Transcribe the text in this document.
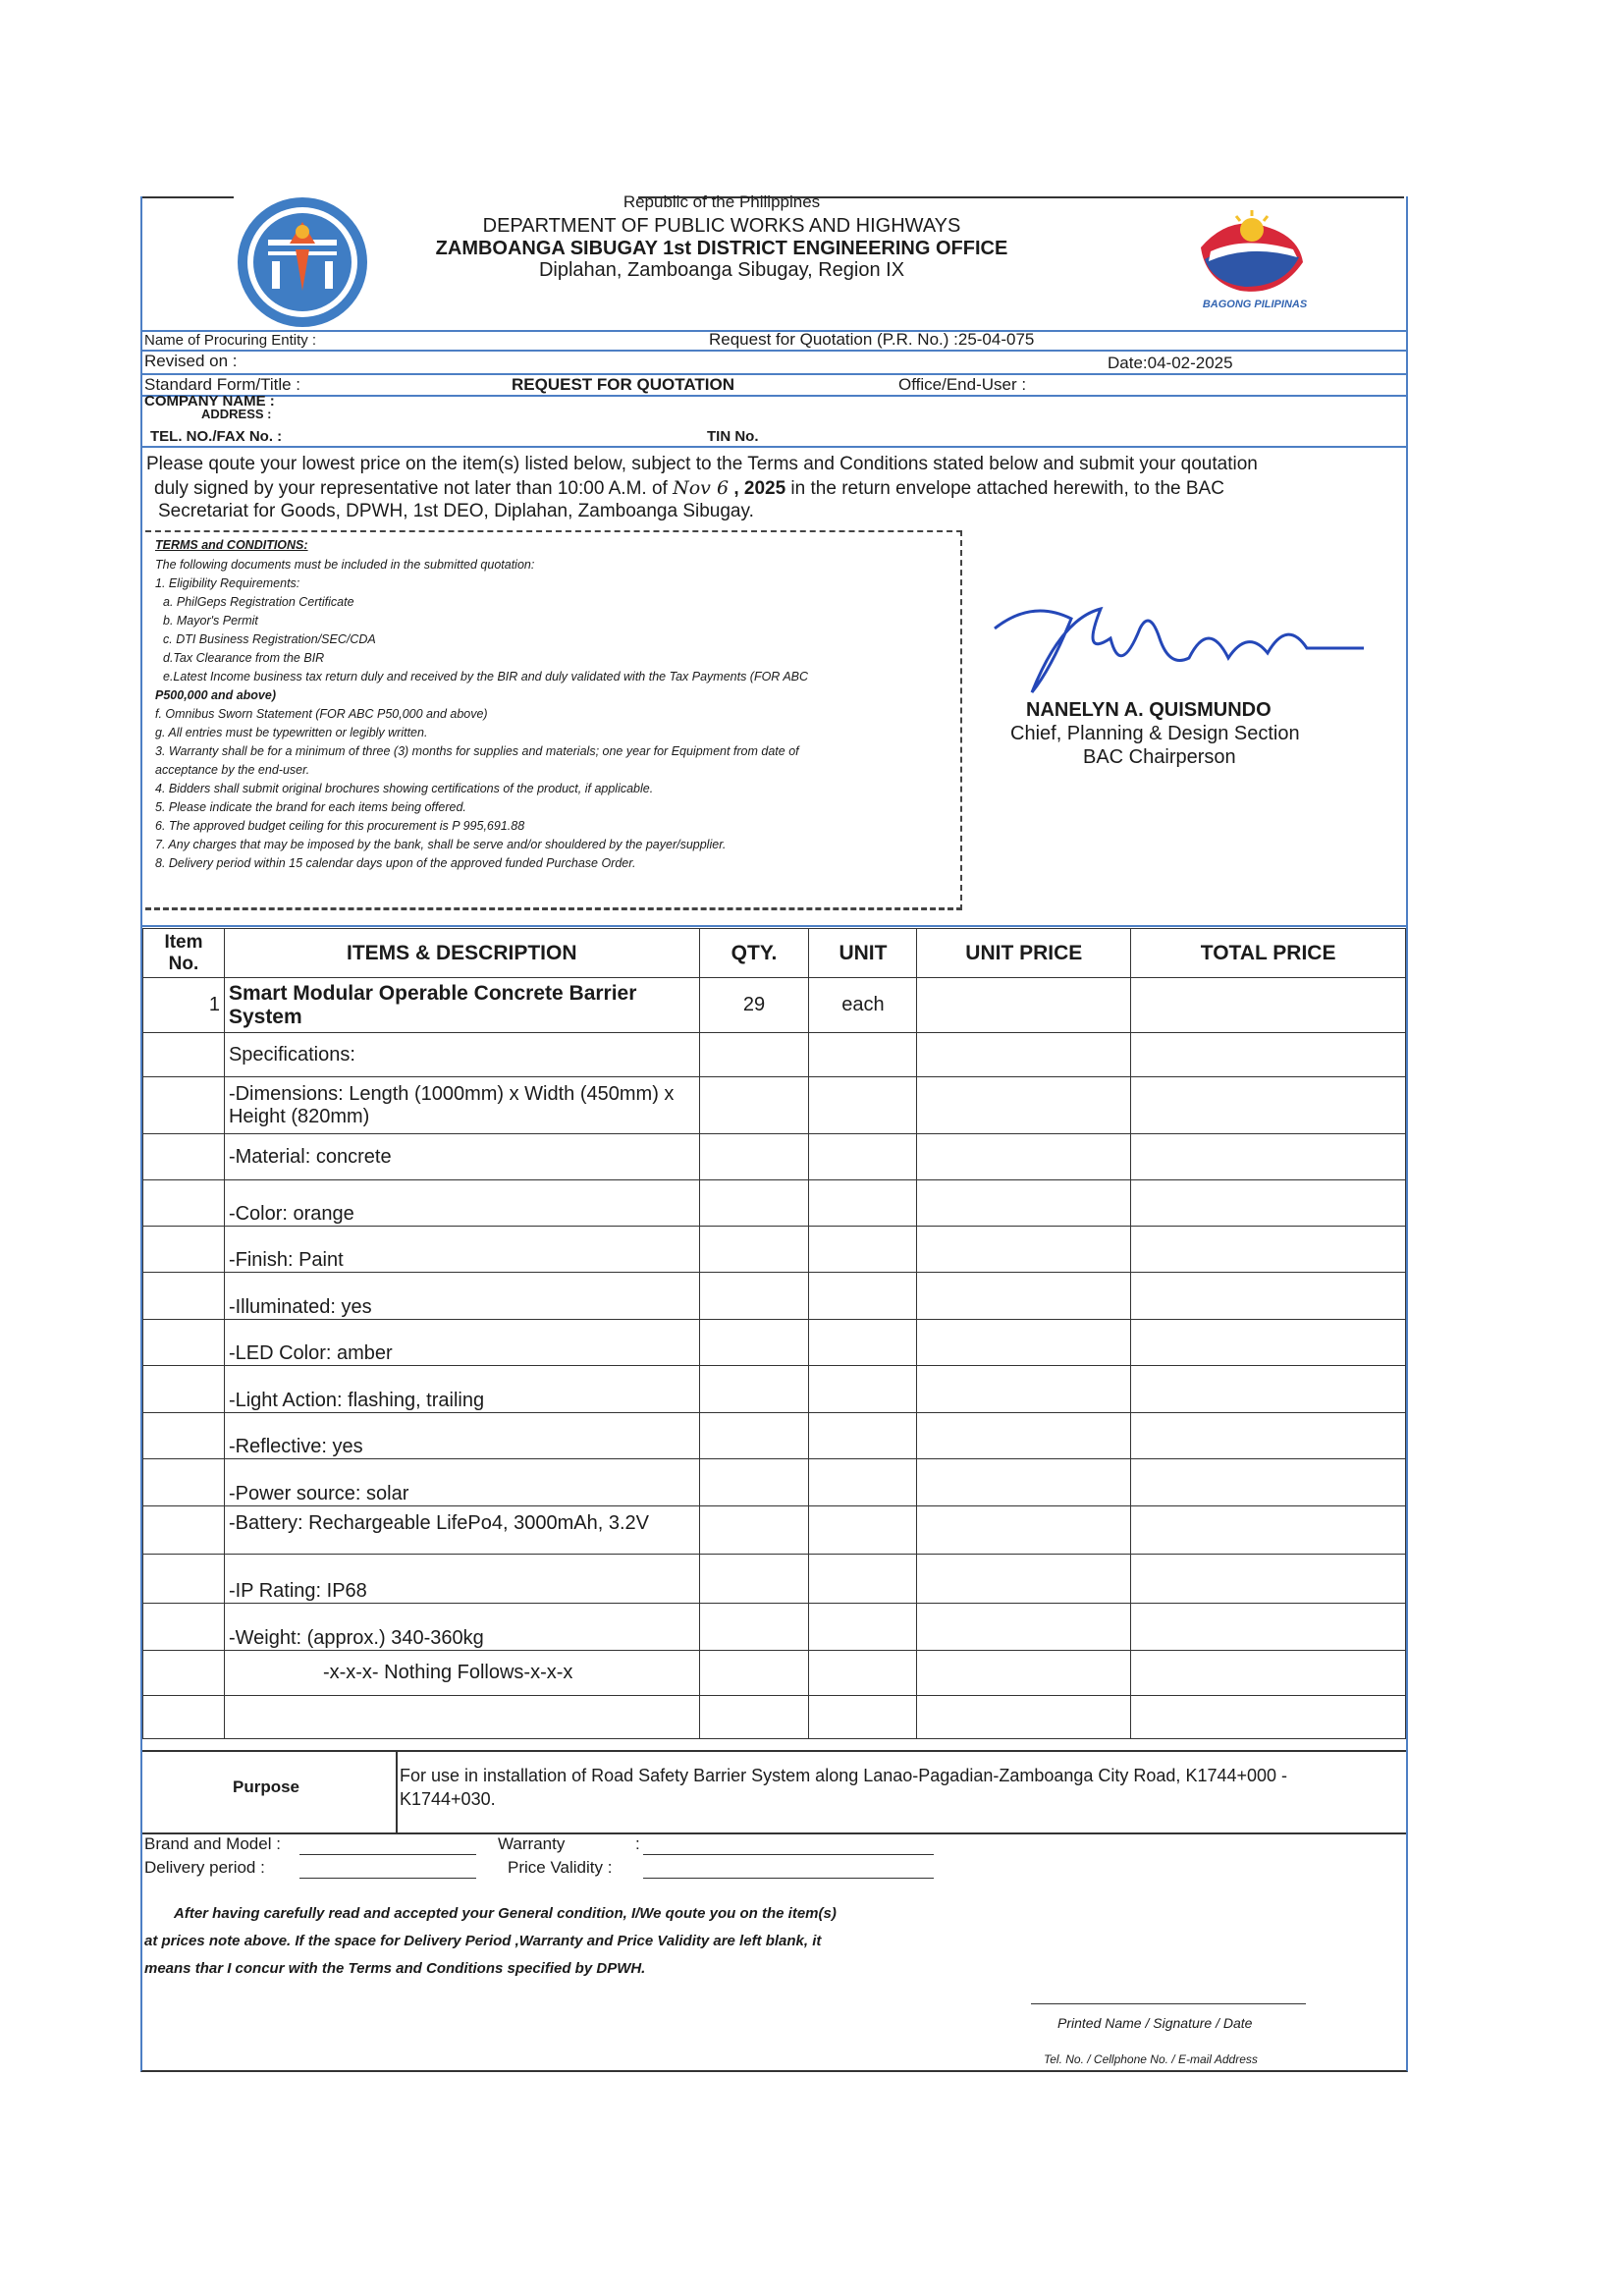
Republic of the Philippines
DEPARTMENT OF PUBLIC WORKS AND HIGHWAYS
ZAMBOANGA SIBUGAY 1st DISTRICT ENGINEERING OFFICE
Diplahan, Zamboanga Sibugay, Region IX
BAGONG PILIPINAS
Name of Procuring Entity :	Request for Quotation (P.R. No.) :25-04-075
Revised on :	Date:04-02-2025
Standard Form/Title :	REQUEST FOR QUOTATION	Office/End-User :
COMPANY NAME :
ADDRESS :
TEL. NO./FAX No. :	TIN No.
Please qoute your lowest price on the item(s) listed below, subject to the Terms and Conditions stated below and submit your qoutation
duly signed by your representative not later than 10:00 A.M. of Nov 6 , 2025 in the return envelope attached herewith, to the BAC
Secretariat for Goods, DPWH, 1st DEO, Diplahan, Zamboanga Sibugay.
NANELYN A. QUISMUNDO
Chief, Planning & Design Section
BAC Chairperson
Item No.	ITEMS & DESCRIPTION	QTY.	UNIT	UNIT PRICE	TOTAL PRICE
1	Smart Modular Operable Concrete Barrier System	29	each		
	Specifications:				
	-Dimensions: Length (1000mm) x Width (450mm) x Height (820mm)				
	-Material: concrete				
	-Color: orange				
	-Finish: Paint				
	-Illuminated: yes				
	-LED Color: amber				
	-Light Action: flashing, trailing				
	-Reflective: yes				
	-Power source: solar				
	-Battery: Rechargeable LifePo4, 3000mAh, 3.2V				
	-IP Rating: IP68				
	-Weight: (approx.) 340-360kg				
	-x-x-x- Nothing Follows-x-x-x				

Purpose
For use in installation of Road Safety Barrier System along Lanao-Pagadian-Zamboanga City Road, K1744+000 - K1744+030.
Brand and Model :	Warranty	:
Delivery period :	Price Validity :
After having carefully read and accepted your General condition, I/We qoute you on the item(s)
at prices note above. If the space for Delivery Period ,Warranty and Price Validity are left blank, it
means thar I concur with the Terms and Conditions specified by DPWH.
Printed Name / Signature / Date
Tel. No. / Cellphone No. / E-mail Address
TERMS and CONDITIONS:
The following documents must be included in the submitted quotation:
1. Eligibility Requirements:
a. PhilGeps Registration Certificate
b. Mayor's Permit
c. DTI Business Registration/SEC/CDA
d.Tax Clearance from the BIR
e.Latest Income business tax return duly and received by the BIR and duly validated with the Tax Payments (FOR ABC
P500,000 and above)
f. Omnibus Sworn Statement (FOR ABC P50,000 and above)
g. All entries must be typewritten or legibly written.
3. Warranty shall be for a minimum of three (3) months for supplies and materials; one year for Equipment from date of
acceptance by the end-user.
4. Bidders shall submit original brochures showing certifications of the product, if applicable.
5. Please indicate the brand for each items being offered.
6. The approved budget ceiling for this procurement is P 995,691.88
7. Any charges that may be imposed by the bank, shall be serve and/or shouldered by the payer/supplier.
8. Delivery period within 15 calendar days upon of the approved funded Purchase Order.
